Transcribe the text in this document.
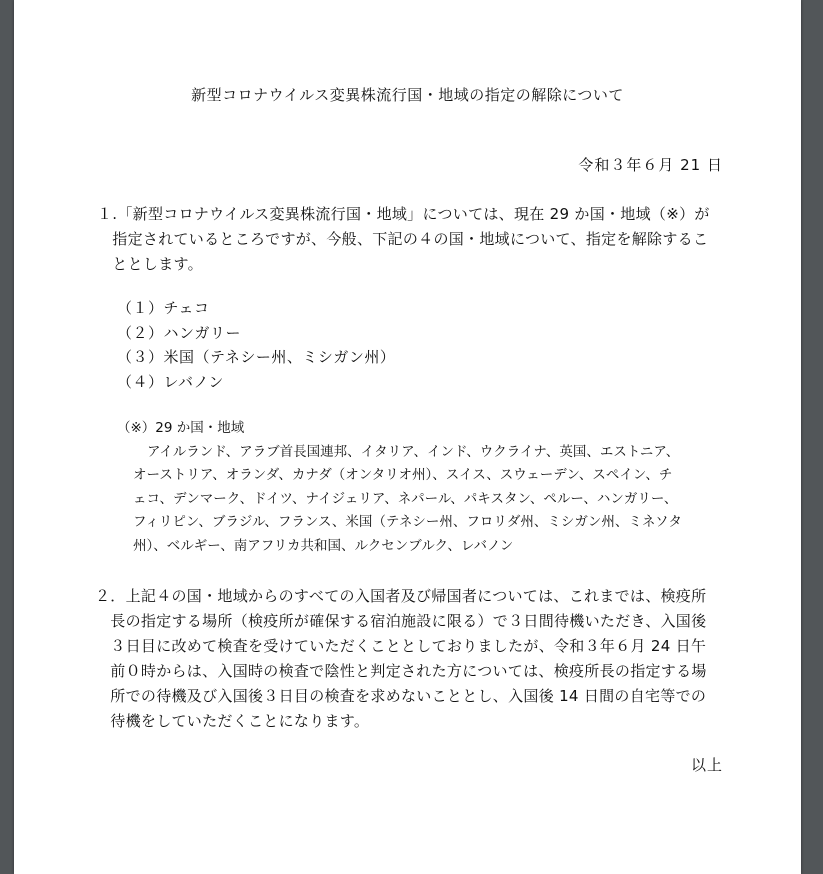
新型コロナウイルス変異株流行国・地域の指定の解除について
令和３年６月 21 日
１.「新型コロナウイルス変異株流行国・地域」については、現在 29 か国・地域（※）が
　指定されているところですが、今般、下記の４の国・地域について、指定を解除するこ
　ととします。
（１）チェコ
（２）ハンガリー
（３）米国（テネシー州、ミシガン州）
（４）レバノン
（※）29 か国・地域
アイルランド、アラブ首長国連邦、イタリア、インド、ウクライナ、英国、エストニア、
オーストリア、オランダ、カナダ（オンタリオ州）、スイス、スウェーデン、スペイン、チ
ェコ、デンマーク、ドイツ、ナイジェリア、ネパール、パキスタン、ペルー、ハンガリー、
フィリピン、ブラジル、フランス、米国（テネシー州、フロリダ州、ミシガン州、ミネソタ
州）、ベルギー、南アフリカ共和国、ルクセンブルク、レバノン
２．上記４の国・地域からのすべての入国者及び帰国者については、これまでは、検疫所
　長の指定する場所（検疫所が確保する宿泊施設に限る）で３日間待機いただき、入国後
　３日目に改めて検査を受けていただくこととしておりましたが、令和３年６月 24 日午
　前０時からは、入国時の検査で陰性と判定された方については、検疫所長の指定する場
　所での待機及び入国後３日目の検査を求めないこととし、入国後 14 日間の自宅等での
　待機をしていただくことになります。
以上
